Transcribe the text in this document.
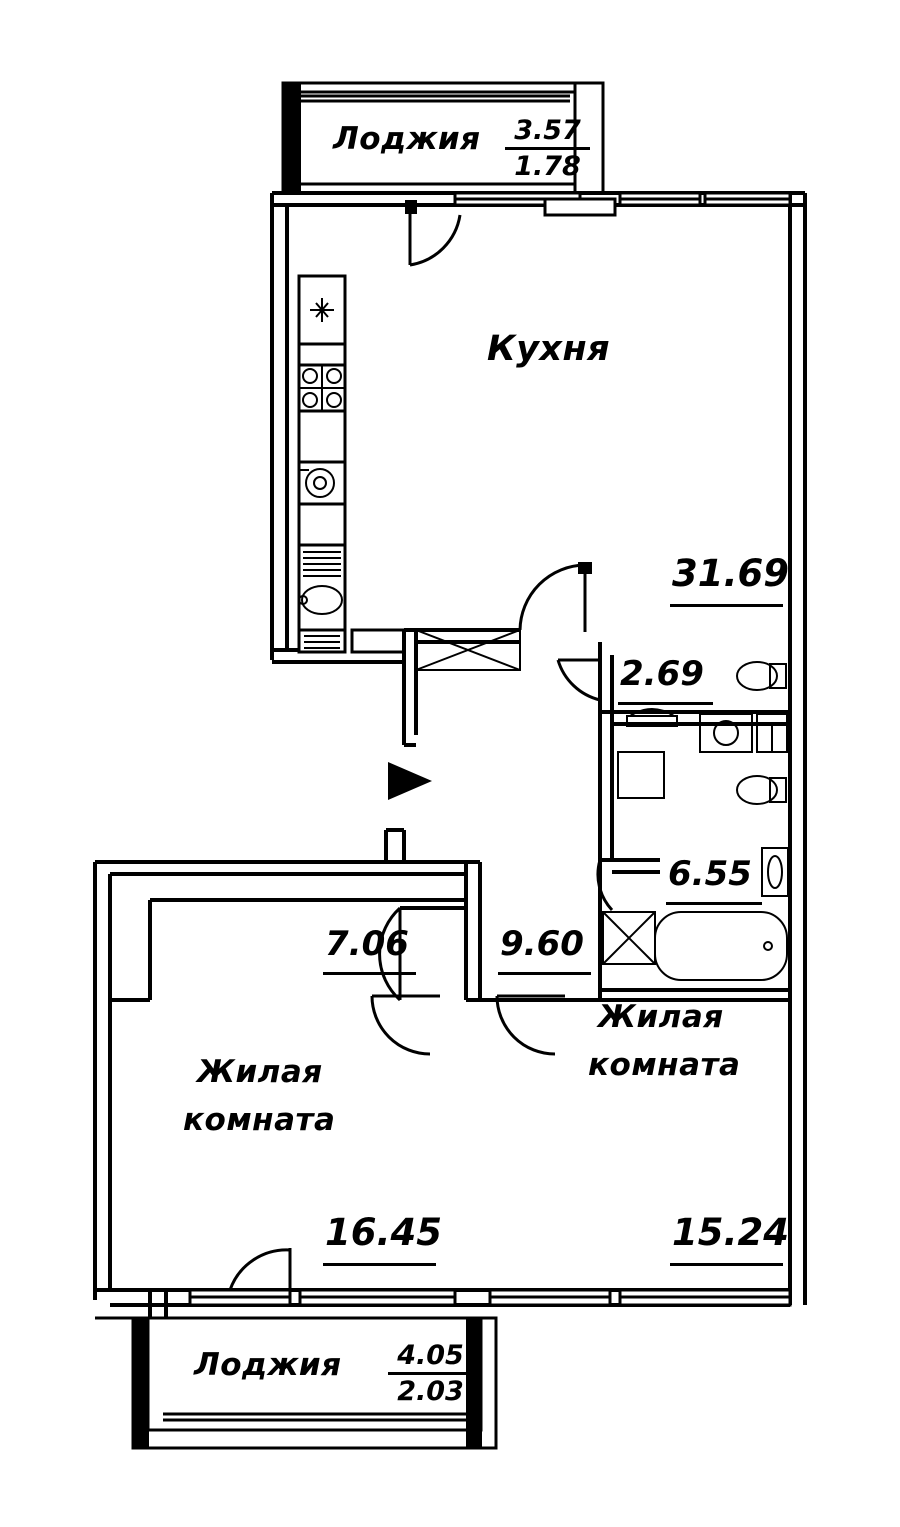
Лоджия	3.57
1.78
Кухня
31.69
2.69
6.55
7.06	9.60
Жилая
комната
15.24
Жилая
комната
16.45
Лоджия	4.05
2.03
